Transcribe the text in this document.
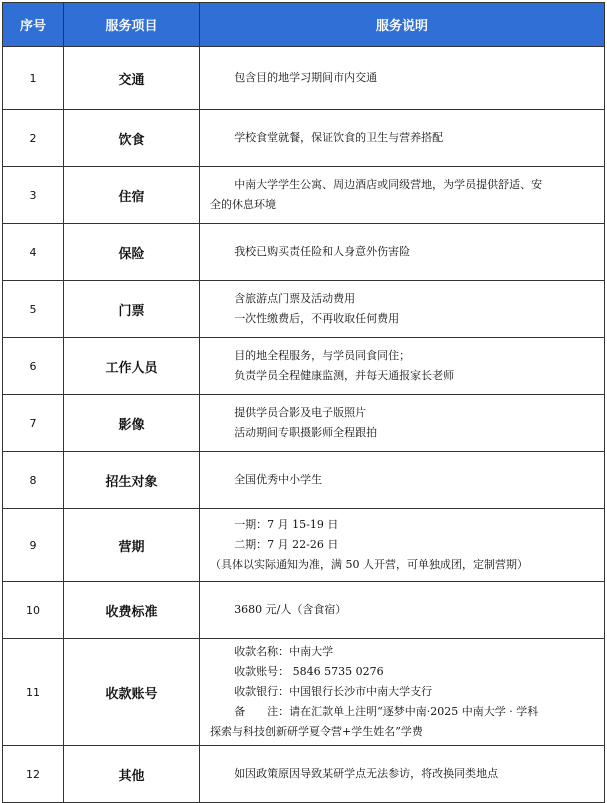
序号	服务项目	服务说明
1	交通	包含目的地学习期间市内交通

2	饮食	学校食堂就餐，保证饮食的卫生与营养搭配

3	住宿	中南大学学生公寓、周边酒店或同级营地，为学员提供舒适、安
全的休息环境

4	保险	我校已购买责任险和人身意外伤害险

5	门票	含旅游点门票及活动费用
一次性缴费后，不再收取任何费用

6	工作人员	目的地全程服务，与学员同食同住；
负责学员全程健康监测，并每天通报家长老师

7	影像	提供学员合影及电子版照片
活动期间专职摄影师全程跟拍

8	招生对象	全国优秀中小学生

9	营期	一期：7 月 15-19 日
二期：7 月 22-26 日
（具体以实际通知为准，满 50 人开营，可单独成团，定制营期）

10	收费标准	3680 元/人（含食宿）

11	收款账号	收款名称：中南大学
收款账号： 5846 5735 0276
收款银行：中国银行长沙市中南大学支行
备　　注：请在汇款单上注明“逐梦中南·2025 中南大学 · 学科
探索与科技创新研学夏令营+学生姓名”学费

12	其他	如因政策原因导致某研学点无法参访，将改换同类地点
